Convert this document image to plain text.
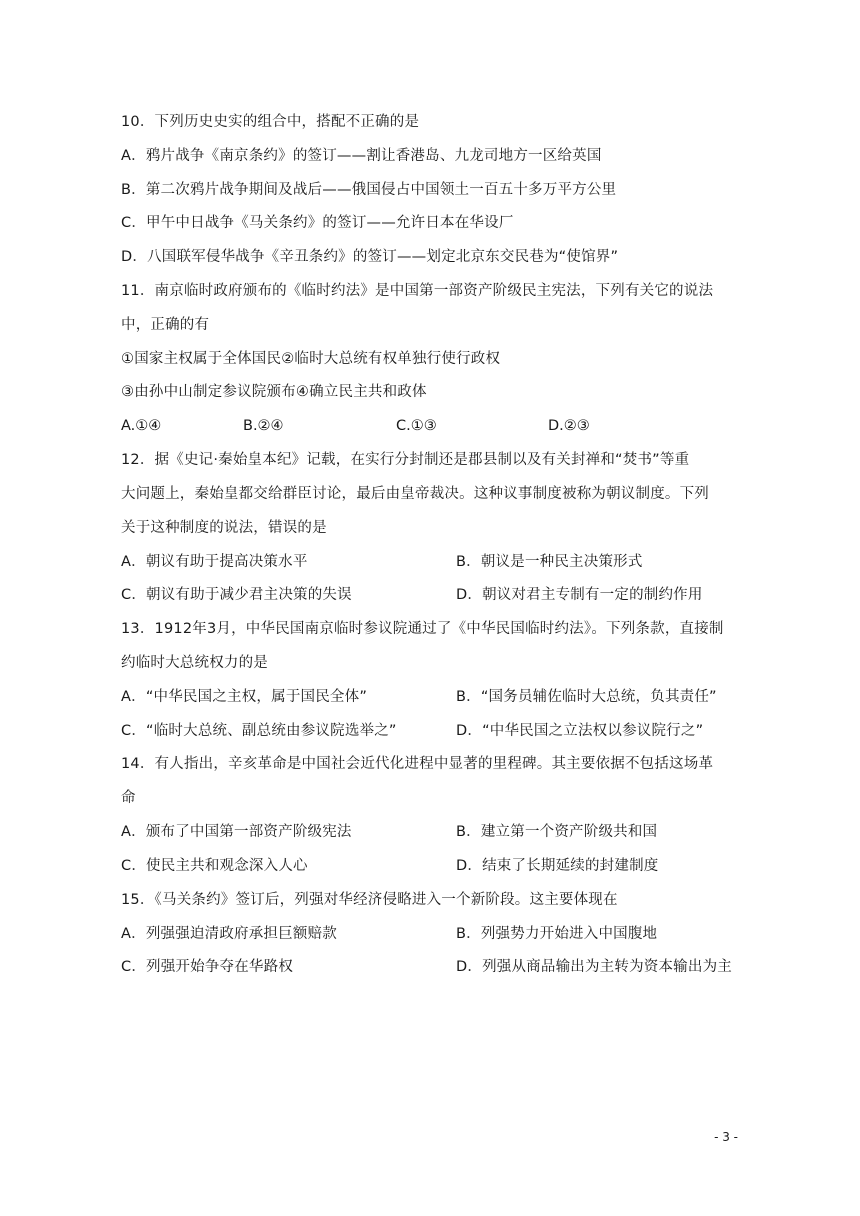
10．下列历史史实的组合中，搭配不正确的是
A．鸦片战争《南京条约》的签订——割让香港岛、九龙司地方一区给英国
B．第二次鸦片战争期间及战后——俄国侵占中国领土一百五十多万平方公里
C．甲午中日战争《马关条约》的签订——允许日本在华设厂
D．八国联军侵华战争《辛丑条约》的签订——划定北京东交民巷为“使馆界”
11．南京临时政府颁布的《临时约法》是中国第一部资产阶级民主宪法，下列有关它的说法
中，正确的有
①国家主权属于全体国民②临时大总统有权单独行使行政权
③由孙中山制定参议院颁布④确立民主共和政体
A.①④	B.②④	C.①③	D.②③
12．据《史记·秦始皇本纪》记载，在实行分封制还是郡县制以及有关封禅和“焚书”等重
大问题上，秦始皇都交给群臣讨论，最后由皇帝裁决。这种议事制度被称为朝议制度。下列
关于这种制度的说法，错误的是
A．朝议有助于提高决策水平	B．朝议是一种民主决策形式
C．朝议有助于减少君主决策的失误	D．朝议对君主专制有一定的制约作用
13．1912年3月，中华民国南京临时参议院通过了《中华民国临时约法》。下列条款，直接制
约临时大总统权力的是
A．“中华民国之主权，属于国民全体”	B．“国务员辅佐临时大总统，负其责任”
C．“临时大总统、副总统由参议院选举之”	D．“中华民国之立法权以参议院行之”
14．有人指出，辛亥革命是中国社会近代化进程中显著的里程碑。其主要依据不包括这场革
命
A．颁布了中国第一部资产阶级宪法	B．建立第一个资产阶级共和国
C．使民主共和观念深入人心	D．结束了长期延续的封建制度
15．《马关条约》签订后，列强对华经济侵略进入一个新阶段。这主要体现在
A．列强强迫清政府承担巨额赔款	B．列强势力开始进入中国腹地
C．列强开始争夺在华路权	D．列强从商品输出为主转为资本输出为主
- 3 -
